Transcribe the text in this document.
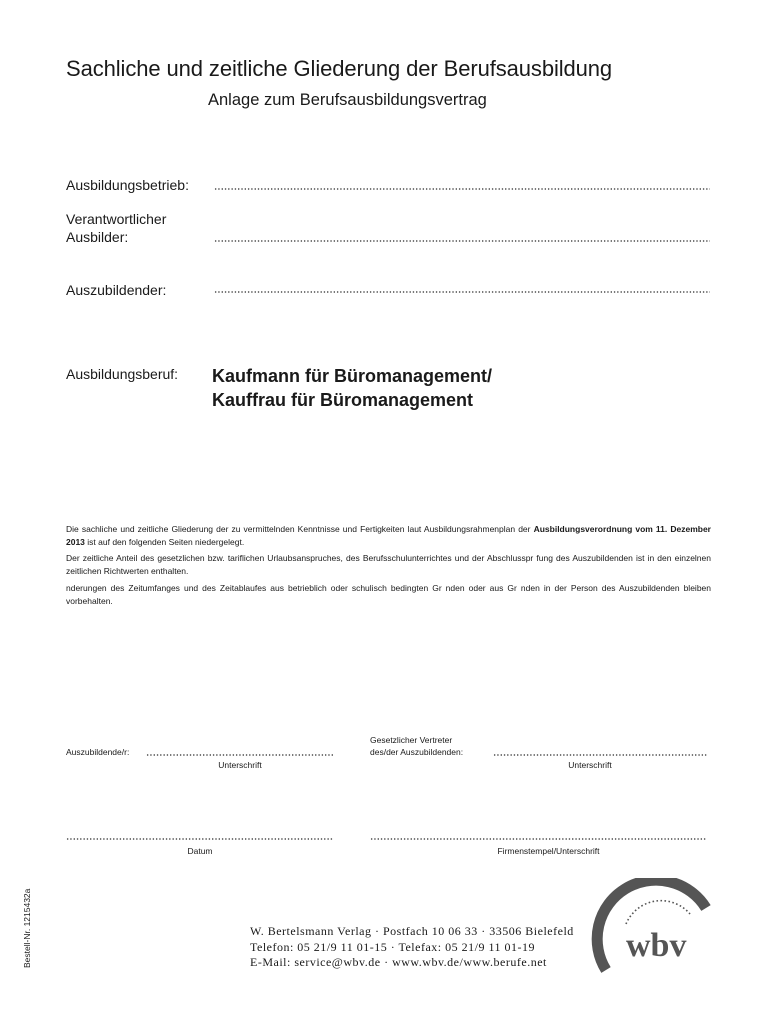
Sachliche und zeitliche Gliederung der Berufsausbildung
Anlage zum Berufsausbildungsvertrag
Ausbildungsbetrieb:
Verantwortlicher
Ausbilder:
Auszubildender:
Ausbildungsberuf: Kaufmann für Büromanagement/
Kauffrau für Büromanagement
Die sachliche und zeitliche Gliederung der zu vermittelnden Kenntnisse und Fertigkeiten laut Ausbildungsrahmenplan der Ausbildungsverordnung vom 11. Dezember 2013 ist auf den folgenden Seiten niedergelegt.
Der zeitliche Anteil des gesetzlichen bzw. tariflichen Urlaubsanspruches, des Berufsschulunterrichtes und der Abschlusspr fung des Auszubildenden ist in den einzelnen zeitlichen Richtwerten enthalten.
nderungen des Zeitumfanges und des Zeitablaufes aus betrieblich oder schulisch bedingten Gr nden oder aus Gr nden in der Person des Auszubildenden bleiben vorbehalten.
Auszubildende/r:
Unterschrift
Gesetzlicher Vertreter
des/der Auszubildenden:
Unterschrift
Datum	Firmenstempel/Unterschrift
Bestell-Nr. 1215432a	W. Bertelsmann Verlag · Postfach 10 06 33 · 33506 Bielefeld
Telefon: 05 21/9 11 01-15 · Telefax: 05 21/9 11 01-19
E-Mail: service@wbv.de · www.wbv.de/www.berufe.net	wbv
